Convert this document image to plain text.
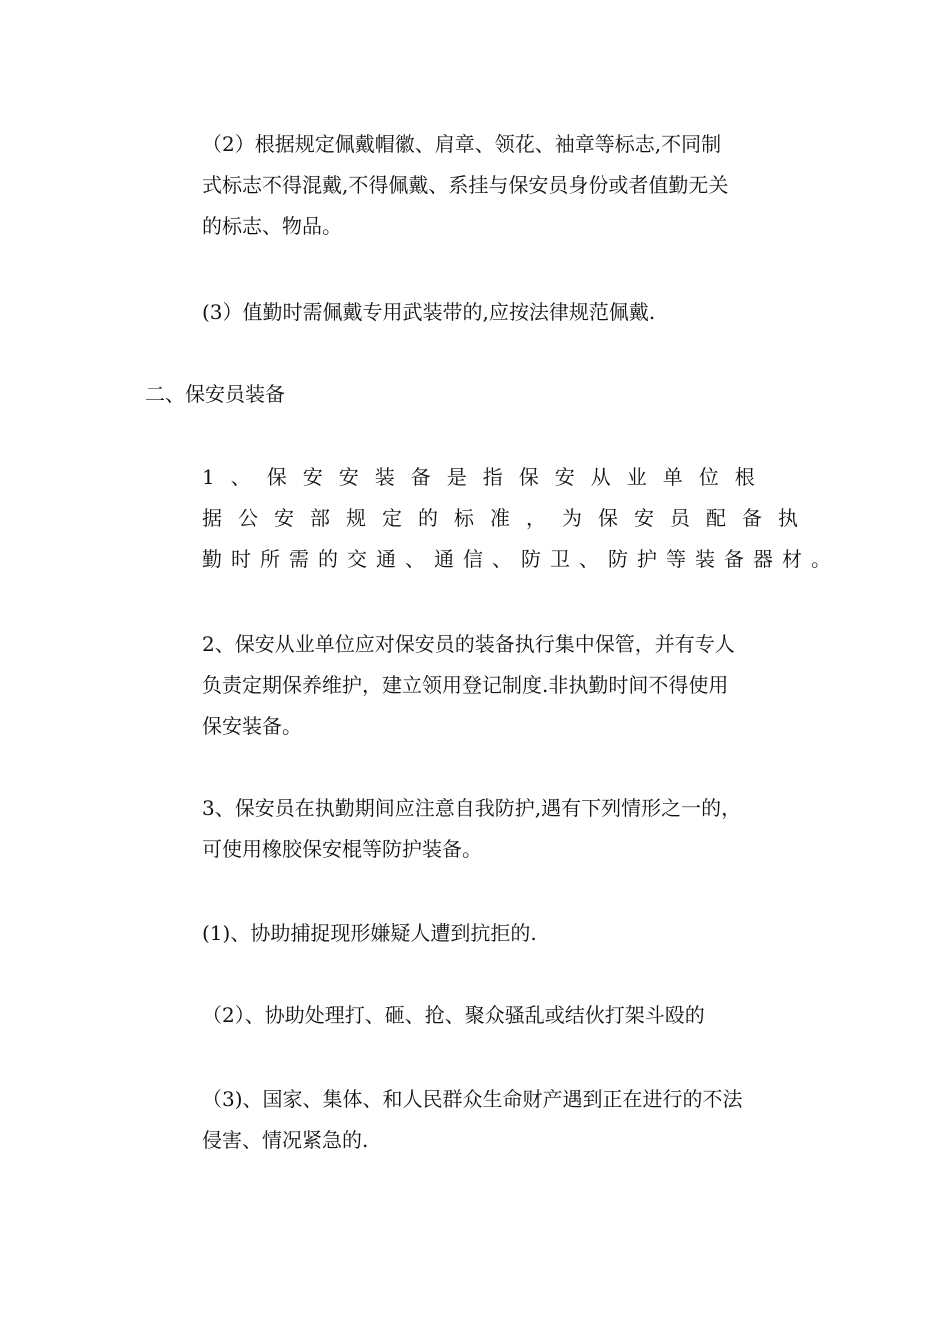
（2）根据规定佩戴帽徽、肩章、领花、袖章等标志,不同制
式标志不得混戴,不得佩戴、系挂与保安员身份或者值勤无关
的标志、物品。

(3）值勤时需佩戴专用武装带的,应按法律规范佩戴.

二、保安员装备

1、保安安装备是指保安从业单位根
据公安部规定的标准，为保安员配备执
勤时所需的交通、通信、防卫、防护等装备器材。

2、保安从业单位应对保安员的装备执行集中保管，并有专人
负责定期保养维护，建立领用登记制度.非执勤时间不得使用
保安装备。

3、保安员在执勤期间应注意自我防护,遇有下列情形之一的，
可使用橡胶保安棍等防护装备。

(1)、协助捕捉现形嫌疑人遭到抗拒的.

（2）、协助处理打、砸、抢、聚众骚乱或结伙打架斗殴的

（3)、国家、集体、和人民群众生命财产遇到正在进行的不法
侵害、情况紧急的.
